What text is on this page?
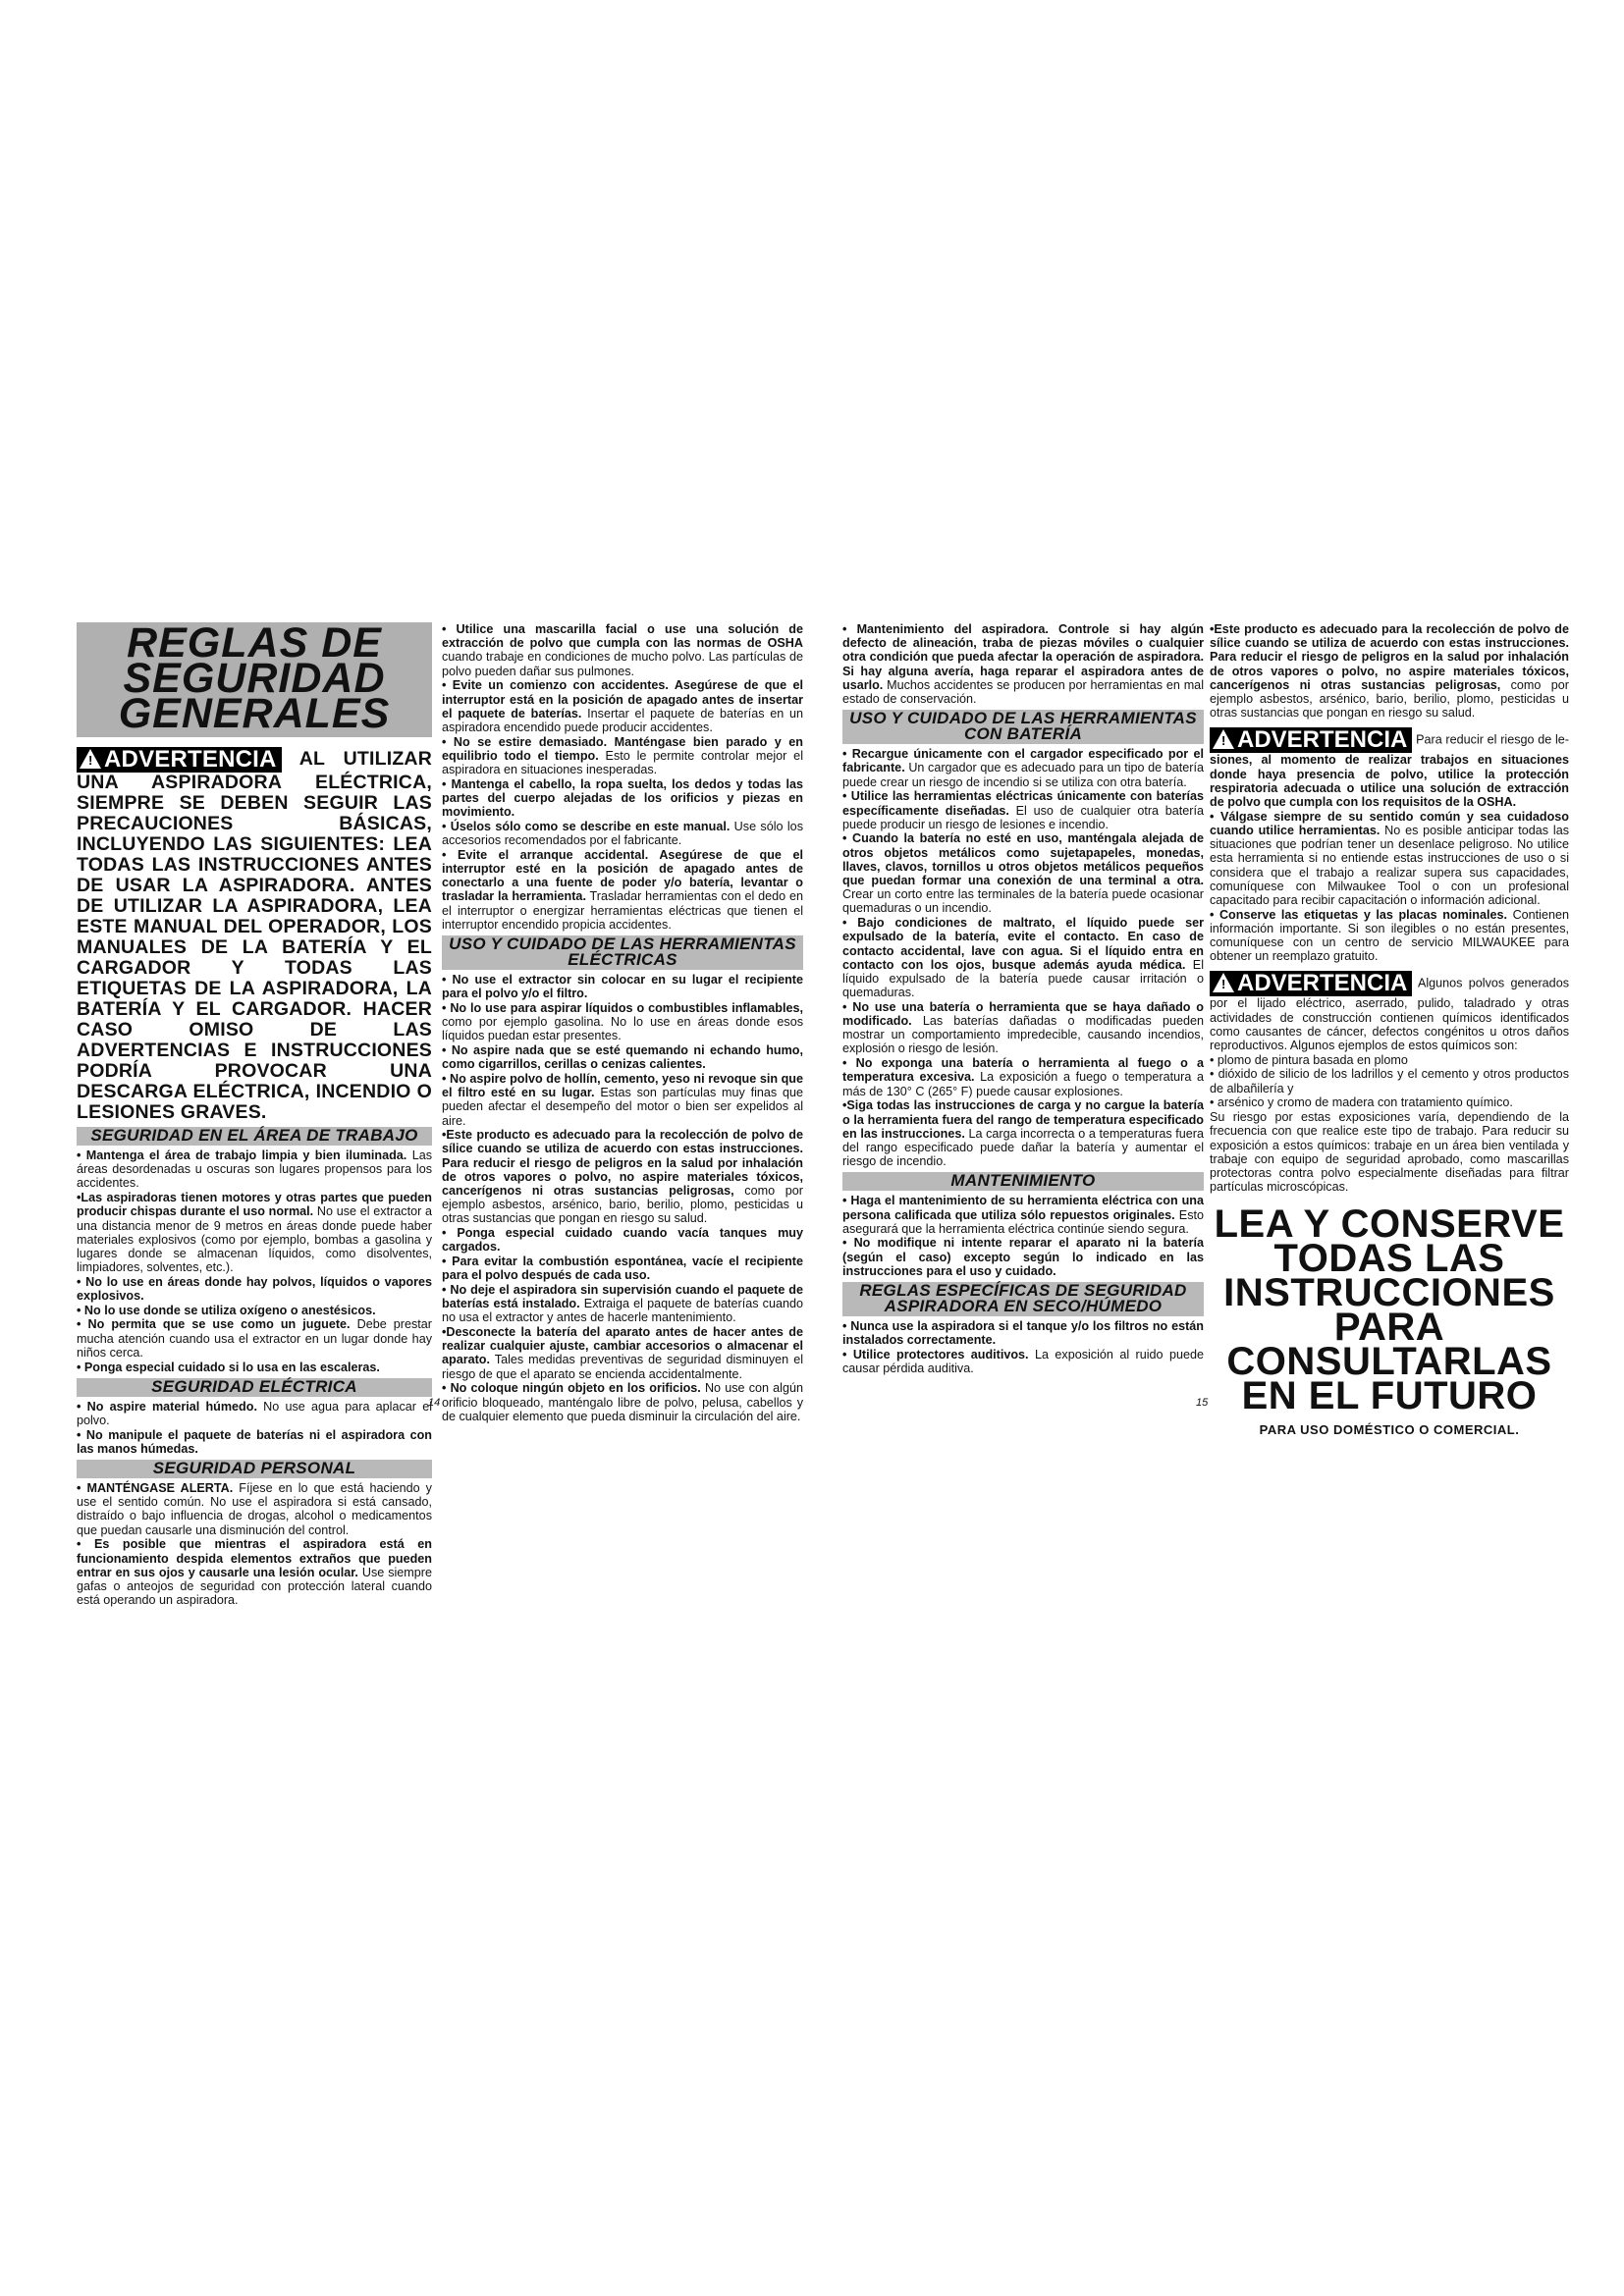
REGLAS DE SEGURIDAD GENERALES
! ADVERTENCIA AL UTILIZAR UNA ASPIRADORA ELÉCTRICA, SIEMPRE SE DEBEN SEGUIR LAS PRECAUCIONES BÁSICAS, INCLUYENDO LAS SIGUIENTES: LEA TODAS LAS INSTRUCCIONES ANTES DE USAR LA ASPIRADORA. ANTES DE UTILIZAR LA ASPIRADORA, LEA ESTE MANUAL DEL OPERADOR, LOS MANUALES DE LA BATERÍA Y EL CARGADOR Y TODAS LAS ETIQUETAS DE LA ASPIRADORA, LA BATERÍA Y EL CARGADOR. HACER CASO OMISO DE LAS ADVERTENCIAS E INSTRUCCIONES PODRÍA PROVOCAR UNA DESCARGA ELÉCTRICA, INCENDIO O LESIONES GRAVES.
SEGURIDAD EN EL ÁREA DE TRABAJO

• Mantenga el área de trabajo limpia y bien iluminada. Las áreas desordenadas u oscuras son lugares propensos para los accidentes.

•Las aspiradoras tienen motores y otras partes que pueden producir chispas durante el uso normal. No use el extractor a una distancia menor de 9 metros en áreas donde puede haber materiales explosivos (como por ejemplo, bombas a gasolina y lugares donde se almacenan líquidos, como disolventes, limpiadores, solventes, etc.).

• No lo use en áreas donde hay polvos, líquidos o vapores explosivos.

• No lo use donde se utiliza oxígeno o anestésicos.

• No permita que se use como un juguete. Debe prestar mucha atención cuando usa el extractor en un lugar donde hay niños cerca.

• Ponga especial cuidado si lo usa en las escaleras.

SEGURIDAD ELÉCTRICA

• No aspire material húmedo. No use agua para aplacar el polvo.

• No manipule el paquete de baterías ni el aspiradora con las manos húmedas.

SEGURIDAD PERSONAL

• MANTÉNGASE ALERTA. Fíjese en lo que está haciendo y use el sentido común. No use el aspiradora si está cansado, distraído o bajo influencia de drogas, alcohol o medicamentos que puedan causarle una disminución del control.

• Es posible que mientras el aspiradora está en funcionamiento despida elementos extraños que pueden entrar en sus ojos y causarle una lesión ocular. Use siempre gafas o anteojos de seguridad con protección lateral cuando está operando un aspiradora.

• Utilice una mascarilla facial o use una solución de extracción de polvo que cumpla con las normas de OSHA cuando trabaje en condiciones de mucho polvo. Las partículas de polvo pueden dañar sus pulmones.

• Evite un comienzo con accidentes. Asegúrese de que el interruptor está en la posición de apagado antes de insertar el paquete de baterías. Insertar el paquete de baterías en un aspiradora encendido puede producir accidentes.

• No se estire demasiado. Manténgase bien parado y en equilibrio todo el tiempo. Esto le permite controlar mejor el aspiradora en situaciones inesperadas.

• Mantenga el cabello, la ropa suelta, los dedos y todas las partes del cuerpo alejadas de los orificios y piezas en movimiento.

• Úselos sólo como se describe en este manual. Use sólo los accesorios recomendados por el fabricante.

• Evite el arranque accidental. Asegúrese de que el interruptor esté en la posición de apagado antes de conectarlo a una fuente de poder y/o batería, levantar o trasladar la herramienta. Trasladar herramientas con el dedo en el interruptor o energizar herramientas eléctricas que tienen el interruptor encendido propicia accidentes.

USO Y CUIDADO DE LAS HERRAMIENTAS ELÉCTRICAS

• No use el extractor sin colocar en su lugar el recipiente para el polvo y/o el filtro.

• No lo use para aspirar líquidos o combustibles inflamables, como por ejemplo gasolina. No lo use en áreas donde esos líquidos puedan estar presentes.

• No aspire nada que se esté quemando ni echando humo, como cigarrillos, cerillas o cenizas calientes.

• No aspire polvo de hollín, cemento, yeso ni revoque sin que el filtro esté en su lugar. Estas son partículas muy finas que pueden afectar el desempeño del motor o bien ser expelidos al aire.

•Este producto es adecuado para la recolección de polvo de sílice cuando se utiliza de acuerdo con estas instrucciones. Para reducir el riesgo de peligros en la salud por inhalación de otros vapores o polvo, no aspire materiales tóxicos, cancerígenos ni otras sustancias peligrosas, como por ejemplo asbestos, arsénico, bario, berilio, plomo, pesticidas u otras sustancias que pongan en riesgo su salud.

• Ponga especial cuidado cuando vacía tanques muy cargados.

• Para evitar la combustión espontánea, vacíe el recipiente para el polvo después de cada uso.

• No deje el aspiradora sin supervisión cuando el paquete de baterías está instalado. Extraiga el paquete de baterías cuando no usa el extractor y antes de hacerle mantenimiento.

•Desconecte la batería del aparato antes de hacer antes de realizar cualquier ajuste, cambiar accesorios o almacenar el aparato. Tales medidas preventivas de seguridad disminuyen el riesgo de que el aparato se encienda accidentalmente.

• No coloque ningún objeto en los orificios. No use con algún orificio bloqueado, manténgalo libre de polvo, pelusa, cabellos y de cualquier elemento que pueda disminuir la circulación del aire.

14

• Mantenimiento del aspiradora. Controle si hay algún defecto de alineación, traba de piezas móviles o cualquier otra condición que pueda afectar la operación de aspiradora. Si hay alguna avería, haga reparar el aspiradora antes de usarlo. Muchos accidentes se producen por herramientas en mal estado de conservación.

USO Y CUIDADO DE LAS HERRAMIENTAS CON BATERÍA

• Recargue únicamente con el cargador especificado por el fabricante. Un cargador que es adecuado para un tipo de batería puede crear un riesgo de incendio si se utiliza con otra batería.

• Utilice las herramientas eléctricas únicamente con baterías específicamente diseñadas. El uso de cualquier otra batería puede producir un riesgo de lesiones e incendio.

• Cuando la batería no esté en uso, manténgala alejada de otros objetos metálicos como sujetapapeles, monedas, llaves, clavos, tornillos u otros objetos metálicos pequeños que puedan formar una conexión de una terminal a otra. Crear un corto entre las terminales de la batería puede ocasionar quemaduras o un incendio.

• Bajo condiciones de maltrato, el líquido puede ser expulsado de la batería, evite el contacto. En caso de contacto accidental, lave con agua. Si el líquido entra en contacto con los ojos, busque además ayuda médica. El líquido expulsado de la batería puede causar irritación o quemaduras.

• No use una batería o herramienta que se haya dañado o modificado. Las baterías dañadas o modificadas pueden mostrar un comportamiento impredecible, causando incendios, explosión o riesgo de lesión.

• No exponga una batería o herramienta al fuego o a temperatura excesiva. La exposición a fuego o temperatura a más de 130° C (265° F) puede causar explosiones.

•Siga todas las instrucciones de carga y no cargue la batería o la herramienta fuera del rango de temperatura especificado en las instrucciones. La carga incorrecta o a temperaturas fuera del rango especificado puede dañar la batería y aumentar el riesgo de incendio.

MANTENIMIENTO

• Haga el mantenimiento de su herramienta eléctrica con una persona calificada que utiliza sólo repuestos originales. Esto asegurará que la herramienta eléctrica continúe siendo segura.

• No modifique ni intente reparar el aparato ni la batería (según el caso) excepto según lo indicado en las instrucciones para el uso y cuidado.

REGLAS ESPECÍFICAS DE SEGURIDAD ASPIRADORA EN SECO/HÚMEDO

• Nunca use la aspiradora si el tanque y/o los filtros no están instalados correctamente.

• Utilice protectores auditivos. La exposición al ruido puede causar pérdida auditiva.

•Este producto es adecuado para la recolección de polvo de sílice cuando se utiliza de acuerdo con estas instrucciones. Para reducir el riesgo de peligros en la salud por inhalación de otros vapores o polvo, no aspire materiales tóxicos, cancerígenos ni otras sustancias peligrosas, como por ejemplo asbestos, arsénico, bario, berilio, plomo, pesticidas u otras sustancias que pongan en riesgo su salud.

! ADVERTENCIA Para reducir el riesgo de le- siones, al momento de realizar trabajos en situaciones donde haya presencia de polvo, utilice la protección respiratoria adecuada o utilice una solución de extracción de polvo que cumpla con los requisitos de la OSHA.

• Válgase siempre de su sentido común y sea cuidadoso cuando utilice herramientas. No es posible anticipar todas las situaciones que podrían tener un desenlace peligroso. No utilice esta herramienta si no entiende estas instrucciones de uso o si considera que el trabajo a realizar supera sus capacidades, comuníquese con Milwaukee Tool o con un profesional capacitado para recibir capacitación o información adicional.

• Conserve las etiquetas y las placas nominales. Contienen información importante. Si son ilegibles o no están presentes, comuníquese con un centro de servicio MILWAUKEE para obtener un reemplazo gratuito.

! ADVERTENCIA Algunos polvos generados por el lijado eléctrico, aserrado, pulido, taladrado y otras actividades de construcción contienen químicos identificados como causantes de cáncer, defectos congénitos u otros daños reproductivos. Algunos ejemplos de estos químicos son:

• plomo de pintura basada en plomo

• dióxido de silicio de los ladrillos y el cemento y otros productos de albañilería y

• arsénico y cromo de madera con tratamiento químico.

Su riesgo por estas exposiciones varía, dependiendo de la frecuencia con que realice este tipo de trabajo. Para reducir su exposición a estos químicos: trabaje en un área bien ventilada y trabaje con equipo de seguridad aprobado, como mascarillas protectoras contra polvo especialmente diseñadas para filtrar partículas microscópicas.

LEA Y CONSERVE
TODAS LAS
INSTRUCCIONES
PARA
CONSULTARLAS
EN EL FUTURO
PARA USO DOMÉSTICO O COMERCIAL.
15
